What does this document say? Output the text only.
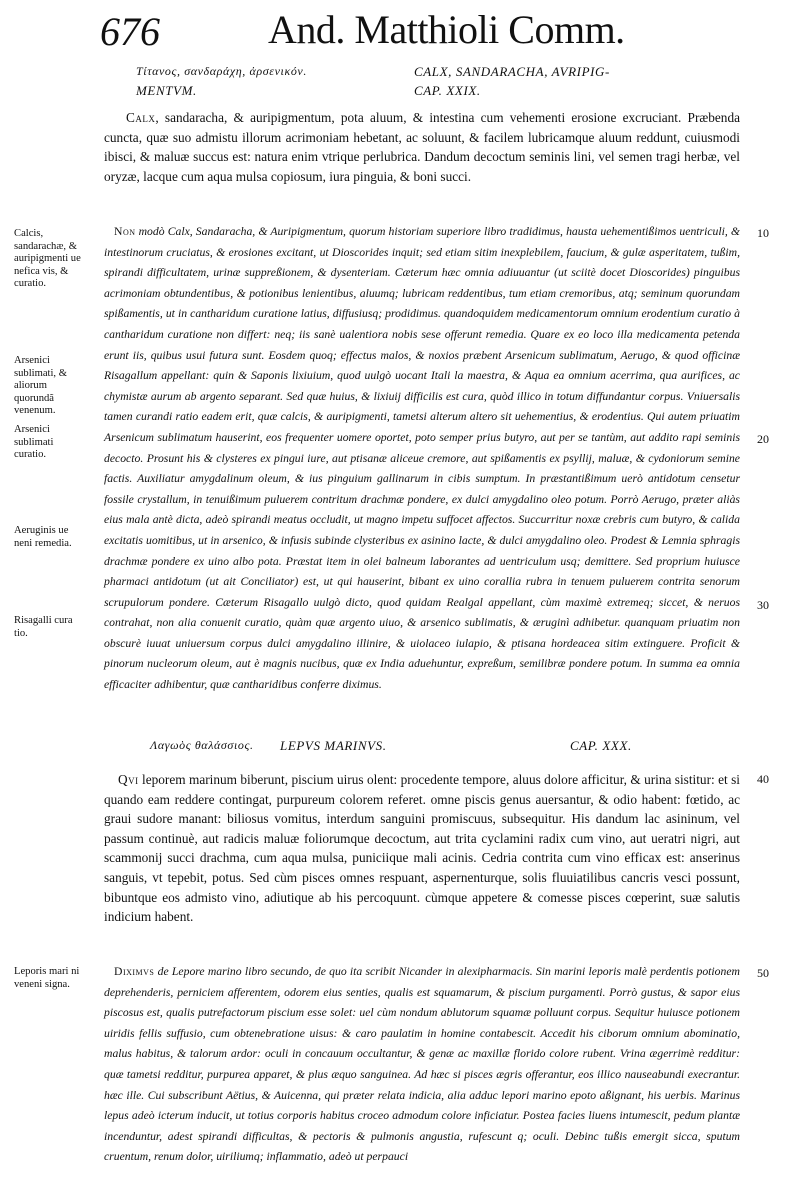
676	And. Matthioli Comm.
Τίτανος, σανδαράχη, ἀρσενικόν.	CALX, SANDARACHA, AVRIPIG-
MENTVM.	CAP. XXIX.

Calx, sandaracha, & auripigmentum, pota aluum, & intestina cum vehementi erosione excruciant. Præbenda cuncta, quæ suo admistu illorum acrimoniam hebetant, ac soluunt, & facilem lubricamque aluum reddunt, cuiusmodi ibisci, & maluæ succus est: natura enim vtrique perlubrica. Dandum decoctum seminis lini, vel semen tragi herbæ, vel oryzæ, lacque cum aqua mulsa copiosum, iura pinguia, & boni succi.

Non modò Calx, Sandaracha, & Auripigmentum, quorum historiam superiore libro tradidimus, hausta uehementißimos uentriculi, & intestinorum cruciatus, & erosiones excitant, ut Dioscorides inquit; sed etiam sitim inexplebilem, faucium, & gulæ asperitatem, tußim, spirandi difficultatem, urinæ suppreßionem, & dysenteriam. Cæterum hæc omnia adiuuantur (ut sciitè docet Dioscorides) pinguibus acrimoniam obtundentibus, & potionibus lenientibus, aluumq; lubricam reddentibus, tum etiam cremoribus, atq; seminum quorundam spißamentis, ut in cantharidum curatione latius, diffusiusq; prodidimus. quandoquidem medicamentorum omnium erodentium curatio à cantharidum curatione non differt: neq; iis sanè ualentiora nobis sese offerunt remedia. Quare ex eo loco illa medicamenta petenda erunt iis, quibus usui futura sunt. Eosdem quoq; effectus malos, & noxios præbent Arsenicum sublimatum, Aerugo, & quod officinæ Risagallum appellant: quin & Saponis lixiuium, quod uulgò uocant Itali la maestra, & Aqua ea omnium acerrima, qua aurifices, ac chymistæ aurum ab argento separant. Sed quæ huius, & lixiuij difficilis est cura, quòd illico in totum diffundantur corpus. Vniuersalis tamen curandi ratio eadem erit, quæ calcis, & auripigmenti, tametsi alterum altero sit uehementius, & erodentius. Qui autem priuatim Arsenicum sublimatum hauserint, eos frequenter uomere oportet, poto semper prius butyro, aut per se tantùm, aut addito rapi seminis decocto. Prosunt his & clysteres ex pingui iure, aut ptisanæ aliceue cremore, aut spißamentis ex psyllij, maluæ, & cydoniorum semine factis. Auxiliatur amygdalinum oleum, & ius pinguium gallinarum in cibis sumptum. In præstantißimum uerò antidotum censetur fossile crystallum, in tenuißimum puluerem contritum drachmæ pondere, ex dulci amygdalino oleo potum. Porrò Aerugo, præter aliàs eius mala antè dicta, adeò spirandi meatus occludit, ut magno impetu suffocet affectos. Succurritur noxæ crebris cum butyro, & calida excitatis uomitibus, ut in arsenico, & infusis subinde clysteribus ex asinino lacte, & dulci amygdalino oleo. Prodest & Lemnia sphragis drachmæ pondere ex uino albo pota. Præstat item in olei balneum laborantes ad uentriculum usq; demittere. Sed proprium huiusce pharmaci antidotum (ut ait Conciliator) est, ut qui hauserint, bibant ex uino corallia rubra in tenuem puluerem contrita senorum scrupulorum pondere. Cæterum Risagallo uulgò dicto, quod quidam Realgal appellant, cùm maximè extremeq; siccet, & neruos contrahat, non alia conuenit curatio, quàm quæ argento uiuo, & arsenico sublimatis, & æruginì adhibetur. quanquam priuatim non obscurè iuuat uniuersum corpus dulci amygdalino illinire, & uiolaceo iulapio, & ptisana hordeacea sitim extinguere. Proficit & pinorum nucleorum oleum, aut è magnis nucibus, quæ ex India aduehuntur, expreßum, semilibræ pondere potum. In summa ea omnia efficaciter adhibentur, quæ cantharidibus conferre diximus.

Λαγωὸς θαλάσσιος. LEPVS MARINVS.	CAP. XXX.

Qvi leporem marinum biberunt, piscium uirus olent: procedente tempore, aluus dolore afficitur, & urina sistitur: et si quando eam reddere contingat, purpureum colorem referet. omne piscis genus auersantur, & odio habent: fœtido, ac graui sudore manant: biliosus vomitus, interdum sanguini promiscuus, subsequitur. His dandum lac asininum, vel passum continuè, aut radicis maluæ foliorumque decoctum, aut trita cyclamini radix cum vino, aut ueratri nigri, aut scammonij succi drachma, cum aqua mulsa, puniciique mali acinis. Cedria contrita cum vino efficax est: anserinus sanguis, vt tepebit, potus. Sed cùm pisces omnes respuant, aspernenturque, solis fluuiatilibus cancris vesci possunt, bibuntque eos admisto vino, adiutique ab his percoquunt. cùmque appetere & comesse pisces cœperint, suæ salutis indicium habent.

Diximvs de Lepore marino libro secundo, de quo ita scribit Nicander in alexipharmacis. Sin marini leporis malè perdentis potionem deprehenderis, perniciem afferentem, odorem eius senties, qualis est squamarum, & piscium purgamenti. Porrò gustus, & sapor eius piscosus est, qualis putrefactorum piscium esse solet: uel cùm nondum ablutorum squamæ polluunt corpus. Sequitur huiusce potionem uiridis fellis suffusio, cum obtenebratione uisus: & caro paulatim in homine contabescit. Accedit his ciborum omnium abominatio, malus habitus, & talorum ardor: oculi in concauum occultantur, & genæ ac maxillæ florido colore rubent. Vrina ægerrimè redditur: quæ tametsi redditur, purpurea apparet, & plus æquo sanguinea. Ad hæc si pisces ægris offerantur, eos illico nauseabundi execrantur. hæc ille. Cui subscribunt Aëtius, & Auicenna, qui præter relata indicia, alia adduc lepori marino epoto aßignant, his uerbis. Marinus lepus adeò icterum inducit, ut totius corporis habitus croceo admodum colore inficiatur. Postea facies liuens intumescit, pedum plantæ incenduntur, adest spirandi difficultas, & pectoris & pulmonis angustia, rufescunt q; oculi. Debinc tußis emergit sicca, sputum cruentum, renum dolor, uiriliumq; inflammatio, adeò ut perpauci

Calcis, sandarachæ, & auripigmenti ue nefica vis, & curatio.
Arsenici sublimati, & aliorum quorundã venenum.
Arsenici sublimati curatio.
Aeruginis ue neni remedia.
Risagalli cura tio.
Leporis mari ni veneni signa.
10
20
30
40
50
